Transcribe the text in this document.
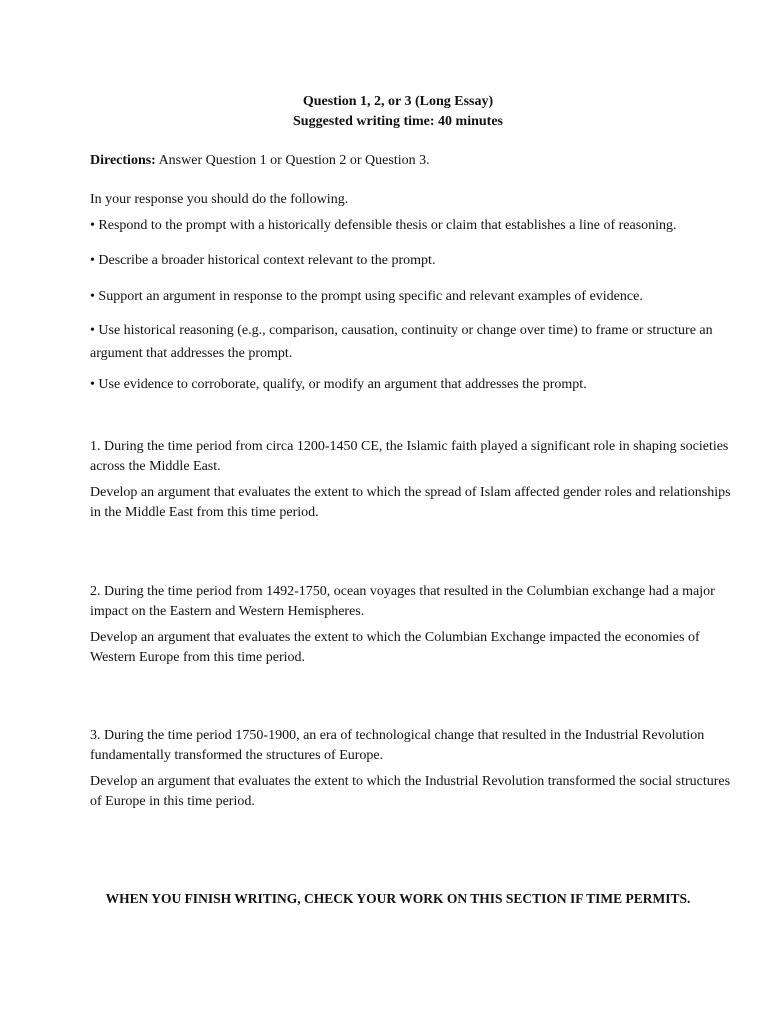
Question 1, 2, or 3 (Long Essay)
Suggested writing time: 40 minutes
Directions: Answer Question 1 or Question 2 or Question 3.
In your response you should do the following.
• Respond to the prompt with a historically defensible thesis or claim that establishes a line of reasoning.
• Describe a broader historical context relevant to the prompt.
• Support an argument in response to the prompt using specific and relevant examples of evidence.
• Use historical reasoning (e.g., comparison, causation, continuity or change over time) to frame or structure an argument that addresses the prompt.
• Use evidence to corroborate, qualify, or modify an argument that addresses the prompt.

1. During the time period from circa 1200-1450 CE, the Islamic faith played a significant role in shaping societies across the Middle East.

Develop an argument that evaluates the extent to which the spread of Islam affected gender roles and relationships in the Middle East from this time period.

2. During the time period from 1492-1750, ocean voyages that resulted in the Columbian exchange had a major impact on the Eastern and Western Hemispheres.

Develop an argument that evaluates the extent to which the Columbian Exchange impacted the economies of Western Europe from this time period.

3. During the time period 1750-1900, an era of technological change that resulted in the Industrial Revolution fundamentally transformed the structures of Europe.

Develop an argument that evaluates the extent to which the Industrial Revolution transformed the social structures of Europe in this time period.

WHEN YOU FINISH WRITING, CHECK YOUR WORK ON THIS SECTION IF TIME PERMITS.
